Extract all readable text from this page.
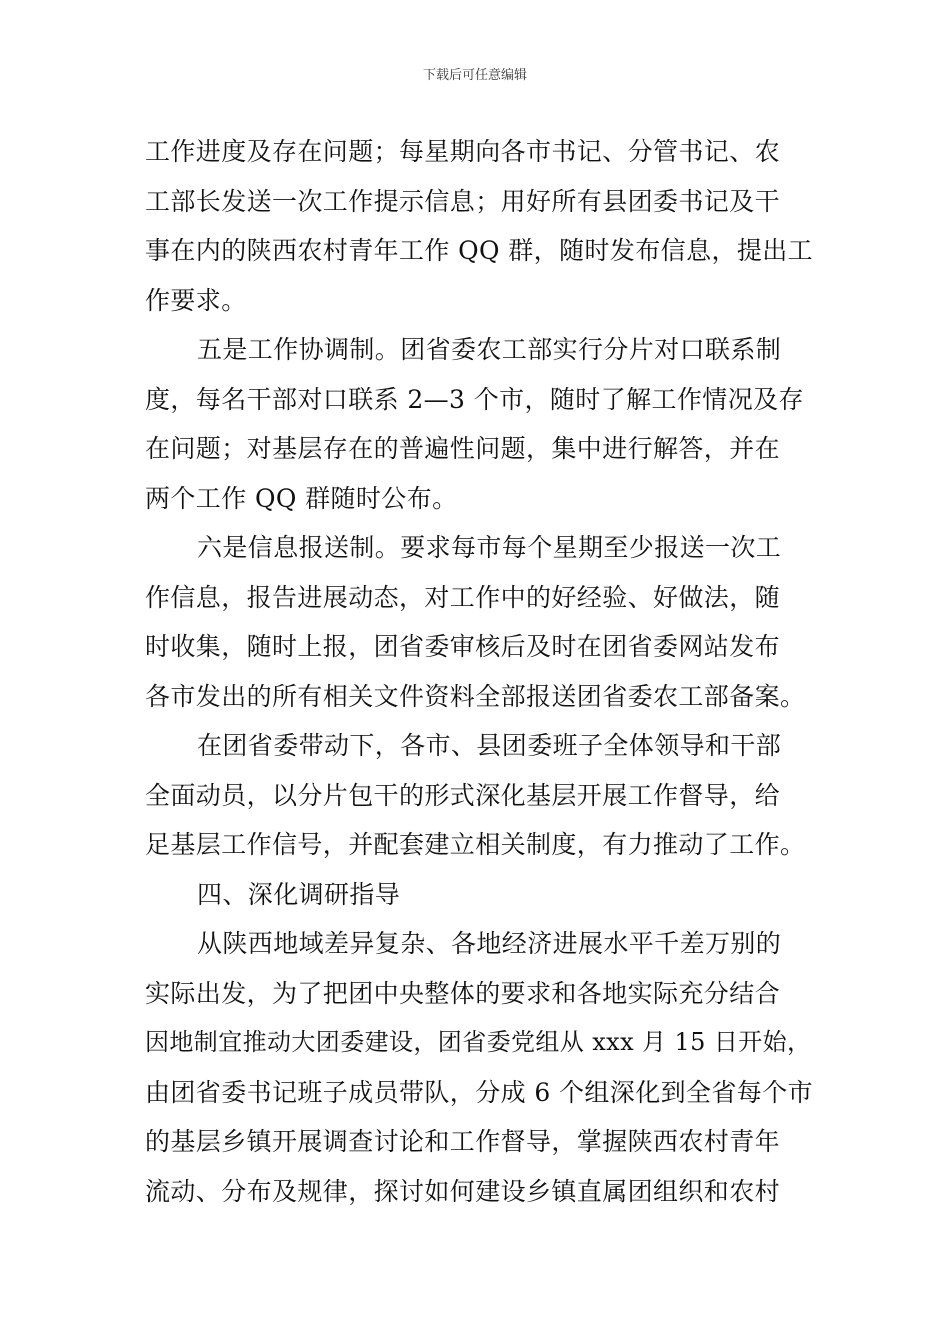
下载后可任意编辑
工作进度及存在问题；每星期向各市书记、分管书记、农
工部长发送一次工作提示信息；用好所有县团委书记及干
事在内的陕西农村青年工作 QQ 群，随时发布信息，提出工
作要求。
五是工作协调制。团省委农工部实行分片对口联系制
度，每名干部对口联系 2—3 个市，随时了解工作情况及存
在问题；对基层存在的普遍性问题，集中进行解答，并在
两个工作 QQ 群随时公布。
六是信息报送制。要求每市每个星期至少报送一次工
作信息，报告进展动态，对工作中的好经验、好做法，随
时收集，随时上报，团省委审核后及时在团省委网站发布
各市发出的所有相关文件资料全部报送团省委农工部备案。
在团省委带动下，各市、县团委班子全体领导和干部
全面动员，以分片包干的形式深化基层开展工作督导，给
足基层工作信号，并配套建立相关制度，有力推动了工作。
四、深化调研指导
从陕西地域差异复杂、各地经济进展水平千差万别的
实际出发，为了把团中央整体的要求和各地实际充分结合
因地制宜推动大团委建设，团省委党组从 xxx 月 15 日开始，
由团省委书记班子成员带队，分成 6 个组深化到全省每个市
的基层乡镇开展调查讨论和工作督导，掌握陕西农村青年
流动、分布及规律，探讨如何建设乡镇直属团组织和农村
